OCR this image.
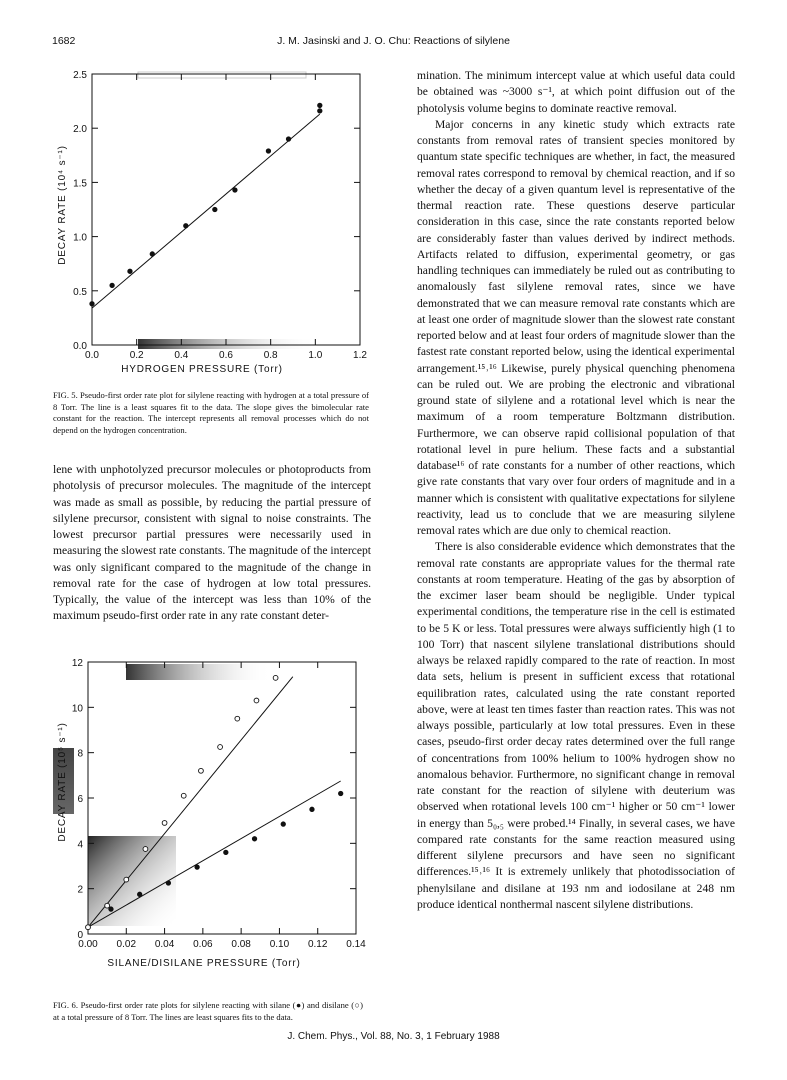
1682	J. M. Jasinski and J. O. Chu: Reactions of silylene
0.0
0.5
1.0
1.5
2.0
2.5
0.0	0.2	0.4	0.6	0.8	1.0	1.2
HYDROGEN PRESSURE (Torr)
DECAY RATE (10⁴ s⁻¹)
FIG. 5. Pseudo-first order rate plot for silylene reacting with hydrogen at a total pressure of 8 Torr. The line is a least squares fit to the data. The slope gives the bimolecular rate constant for the reaction. The intercept represents all removal processes which do not depend on the hydrogen concentration.
lene with unphotolyzed precursor molecules or photoproducts from photolysis of precursor molecules. The magnitude of the intercept was made as small as possible, by reducing the partial pressure of silylene precursor, consistent with signal to noise constraints. The lowest precursor partial pressures were necessarily used in measuring the slowest rate constants. The magnitude of the intercept was only significant compared to the magnitude of the change in removal rate for the case of hydrogen at low total pressures. Typically, the value of the intercept was less than 10% of the maximum pseudo-first order rate in any rate constant deter-
0
2
4
6
8
10
12
0.00 0.02 0.04 0.06 0.08 0.10 0.12 0.14
SILANE/DISILANE PRESSURE (Torr)
DECAY RATE (10⁵ s⁻¹)
FIG. 6. Pseudo-first order rate plots for silylene reacting with silane (●) and disilane (○) at a total pressure of 8 Torr. The lines are least squares fits to the data.

mination. The minimum intercept value at which useful data could be obtained was ~3000 s⁻¹, at which point diffusion out of the photolysis volume begins to dominate reactive removal.

Major concerns in any kinetic study which extracts rate constants from removal rates of transient species monitored by quantum state specific techniques are whether, in fact, the measured removal rates correspond to removal by chemical reaction, and if so whether the decay of a given quantum level is representative of the thermal reaction rate. These questions deserve particular consideration in this case, since the rate constants reported below are considerably faster than values derived by indirect methods. Artifacts related to diffusion, experimental geometry, or gas handling techniques can immediately be ruled out as contributing to anomalously fast silylene removal rates, since we have demonstrated that we can measure removal rate constants which are at least one order of magnitude slower than the slowest rate constant reported below and at least four orders of magnitude slower than the fastest rate constant reported below, using the identical experimental arrangement.¹⁵˒¹⁶ Likewise, purely physical quenching phenomena can be ruled out. We are probing the electronic and vibrational ground state of silylene and a rotational level which is near the maximum of a room temperature Boltzmann distribution. Furthermore, we can observe rapid collisional population of that rotational level in pure helium. These facts and a substantial database¹⁶ of rate constants for a number of other reactions, which give rate constants that vary over four orders of magnitude and in a manner which is consistent with qualitative expectations for silylene reactivity, lead us to conclude that we are measuring silylene removal rates which are due only to chemical reaction.

There is also considerable evidence which demonstrates that the removal rate constants are appropriate values for the thermal rate constants at room temperature. Heating of the gas by absorption of the excimer laser beam should be negligible. Under typical experimental conditions, the temperature rise in the cell is estimated to be 5 K or less. Total pressures were always sufficiently high (1 to 100 Torr) that nascent silylene translational distributions should always be relaxed rapidly compared to the rate of reaction. In most data sets, helium is present in sufficient excess that rotational equilibration rates, calculated using the rate constant reported above, were at least ten times faster than reaction rates. This was not always possible, particularly at low total pressures. Even in these cases, pseudo-first order decay rates determined over the full range of concentrations from 100% helium to 100% hydrogen show no anomalous behavior. Furthermore, no significant change in removal rate constant for the reaction of silylene with deuterium was observed when rotational levels 100 cm⁻¹ higher or 50 cm⁻¹ lower in energy than 5₀,₅ were probed.¹⁴ Finally, in several cases, we have compared rate constants for the same reaction measured using different silylene precursors and have seen no significant differences.¹⁵˒¹⁶ It is extremely unlikely that photodissociation of phenylsilane and disilane at 193 nm and iodosilane at 248 nm produce identical nonthermal nascent silylene distributions.

J. Chem. Phys., Vol. 88, No. 3, 1 February 1988
